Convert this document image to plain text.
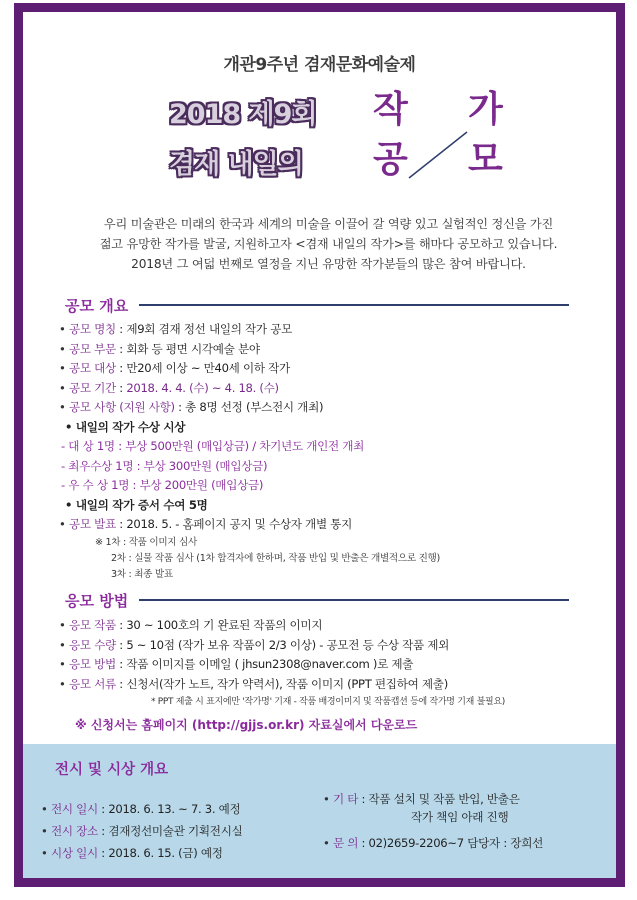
개관9주년 겸재문화예술제
2018 제9회
겸재 내일의
작 가
공 모
우리 미술관은 미래의 한국과 세계의 미술을 이끌어 갈 역량 있고 실험적인 정신을 가진
젊고 유망한 작가를 발굴, 지원하고자 <겸재 내일의 작가>를 해마다 공모하고 있습니다.
2018년 그 여덟 번째로 열정을 지닌 유망한 작가분들의 많은 참여 바랍니다.
공모 개요
• 공모 명칭 : 제9회 겸재 정선 내일의 작가 공모
• 공모 부문 : 회화 등 평면 시각예술 분야
• 공모 대상 : 만20세 이상 ~ 만40세 이하 작가
• 공모 기간 : 2018. 4. 4. (수) ~ 4. 18. (수)
• 공모 사항 (지원 사항) : 총 8명 선정 (부스전시 개최)
• 내일의 작가 수상 시상
- 대 상 1명 : 부상 500만원 (매입상금) / 차기년도 개인전 개최
- 최우수상 1명 : 부상 300만원 (매입상금)
- 우 수 상 1명 : 부상 200만원 (매입상금)
• 내일의 작가 증서 수여 5명
• 공모 발표 : 2018. 5. - 홈페이지 공지 및 수상자 개별 통지
※ 1차 : 작품 이미지 심사
2차 : 실물 작품 심사 (1차 합격자에 한하며, 작품 반입 및 반출은 개별적으로 진행)
3차 : 최종 발표
응모 방법
• 응모 작품 : 30 ~ 100호의 기 완료된 작품의 이미지
• 응모 수량 : 5 ~ 10점 (작가 보유 작품이 2/3 이상) - 공모전 등 수상 작품 제외
• 응모 방법 : 작품 이미지를 이메일 ( jhsun2308@naver.com )로 제출
• 응모 서류 : 신청서(작가 노트, 작가 약력서), 작품 이미지 (PPT 편집하여 제출)
* PPT 제출 시 표지에만 '작가명' 기재 - 작품 배경이미지 및 작품캡션 등에 작가명 기재 불필요)
※ 신청서는 홈페이지 (http://gjjs.or.kr) 자료실에서 다운로드
전시 및 시상 개요
• 전시 일시 : 2018. 6. 13. ~ 7. 3. 예정
• 전시 장소 : 겸재정선미술관 기획전시실
• 시상 일시 : 2018. 6. 15. (금) 예정
• 기 타 : 작품 설치 및 작품 반입, 반출은
작가 책임 아래 진행
• 문 의 : 02)2659-2206~7 담당자 : 장희선
